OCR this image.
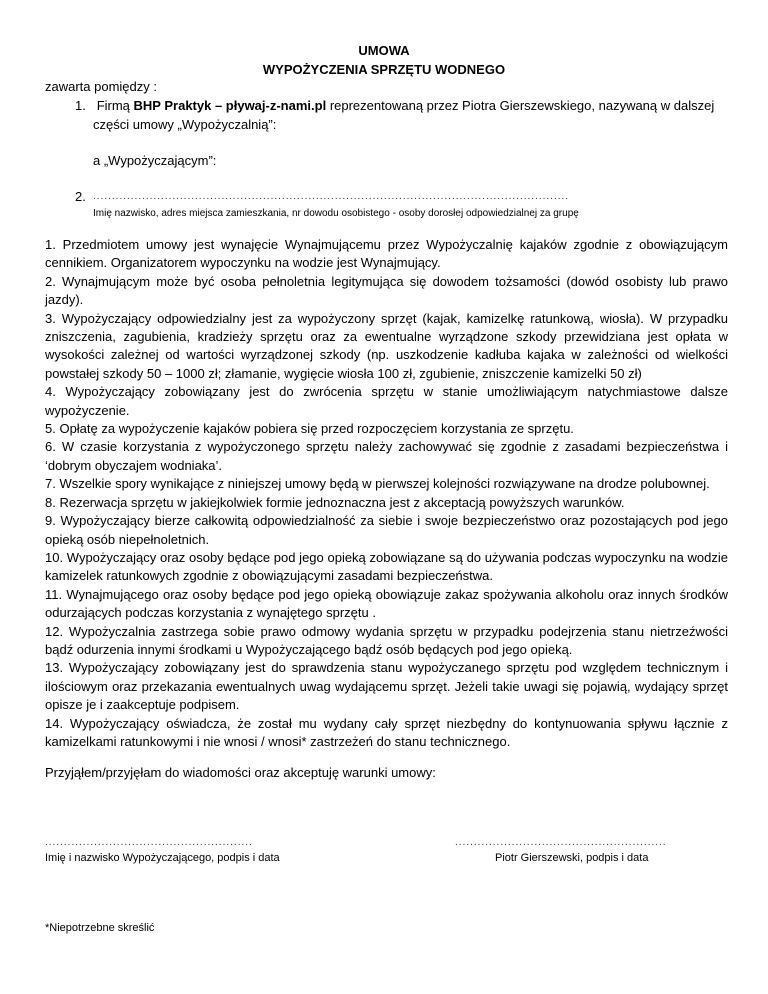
UMOWA
WYPOŻYCZENIA SPRZĘTU WODNEGO
zawarta pomiędzy :
1. Firmą BHP Praktyk – pływaj-z-nami.pl reprezentowaną przez Piotra Gierszewskiego, nazywaną w dalszej
części umowy „Wypożyczalnią”:
a „Wypożyczającym”:
2. ..............................................................................................................................
Imię nazwisko, adres miejsca zamieszkania, nr dowodu osobistego - osoby dorosłej odpowiedzialnej za grupę

1. Przedmiotem umowy jest wynajęcie Wynajmującemu przez Wypożyczalnię kajaków zgodnie z obowiązującym cennikiem. Organizatorem wypoczynku na wodzie jest Wynajmujący.

2. Wynajmującym może być osoba pełnoletnia legitymująca się dowodem tożsamości (dowód osobisty lub prawo jazdy).

3. Wypożyczający odpowiedzialny jest za wypożyczony sprzęt (kajak, kamizelkę ratunkową, wiosła). W przypadku zniszczenia, zagubienia, kradzieży sprzętu oraz za ewentualne wyrządzone szkody przewidziana jest opłata w wysokości zależnej od wartości wyrządzonej szkody (np. uszkodzenie kadłuba kajaka w zależności od wielkości powstałej szkody 50 – 1000 zł; złamanie, wygięcie wiosła 100 zł, zgubienie, zniszczenie kamizelki 50 zł)

4. Wypożyczający zobowiązany jest do zwrócenia sprzętu w stanie umożliwiającym natychmiastowe dalsze wypożyczenie.

5. Opłatę za wypożyczenie kajaków pobiera się przed rozpoczęciem korzystania ze sprzętu.

6. W czasie korzystania z wypożyczonego sprzętu należy zachowywać się zgodnie z zasadami bezpieczeństwa i ‘dobrym obyczajem wodniaka’.

7. Wszelkie spory wynikające z niniejszej umowy będą w pierwszej kolejności rozwiązywane na drodze polubownej.

8. Rezerwacja sprzętu w jakiejkolwiek formie jednoznaczna jest z akceptacją powyższych warunków.

9. Wypożyczający bierze całkowitą odpowiedzialność za siebie i swoje bezpieczeństwo oraz pozostających pod jego opieką osób niepełnoletnich.

10. Wypożyczający oraz osoby będące pod jego opieką zobowiązane są do używania podczas wypoczynku na wodzie kamizelek ratunkowych zgodnie z obowiązującymi zasadami bezpieczeństwa.

11. Wynajmującego oraz osoby będące pod jego opieką obowiązuje zakaz spożywania alkoholu oraz innych środków odurzających podczas korzystania z wynajętego sprzętu .

12. Wypożyczalnia zastrzega sobie prawo odmowy wydania sprzętu w przypadku podejrzenia stanu nietrzeźwości bądź odurzenia innymi środkami u Wypożyczającego bądź osób będących pod jego opieką.

13. Wypożyczający zobowiązany jest do sprawdzenia stanu wypożyczanego sprzętu pod względem technicznym i ilościowym oraz przekazania ewentualnych uwag wydającemu sprzęt. Jeżeli takie uwagi się pojawią, wydający sprzęt opisze je i zaakceptuje podpisem.

14. Wypożyczający oświadcza, że został mu wydany cały sprzęt niezbędny do kontynuowania spływu łącznie z kamizelkami ratunkowymi i nie wnosi / wnosi* zastrzeżeń do stanu technicznego.

Przyjąłem/przyjęłam do wiadomości oraz akceptuję warunki umowy:
.......................................................	........................................................
Imię i nazwisko Wypożyczającego, podpis i data	Piotr Gierszewski, podpis i data
*Niepotrzebne skreślić
